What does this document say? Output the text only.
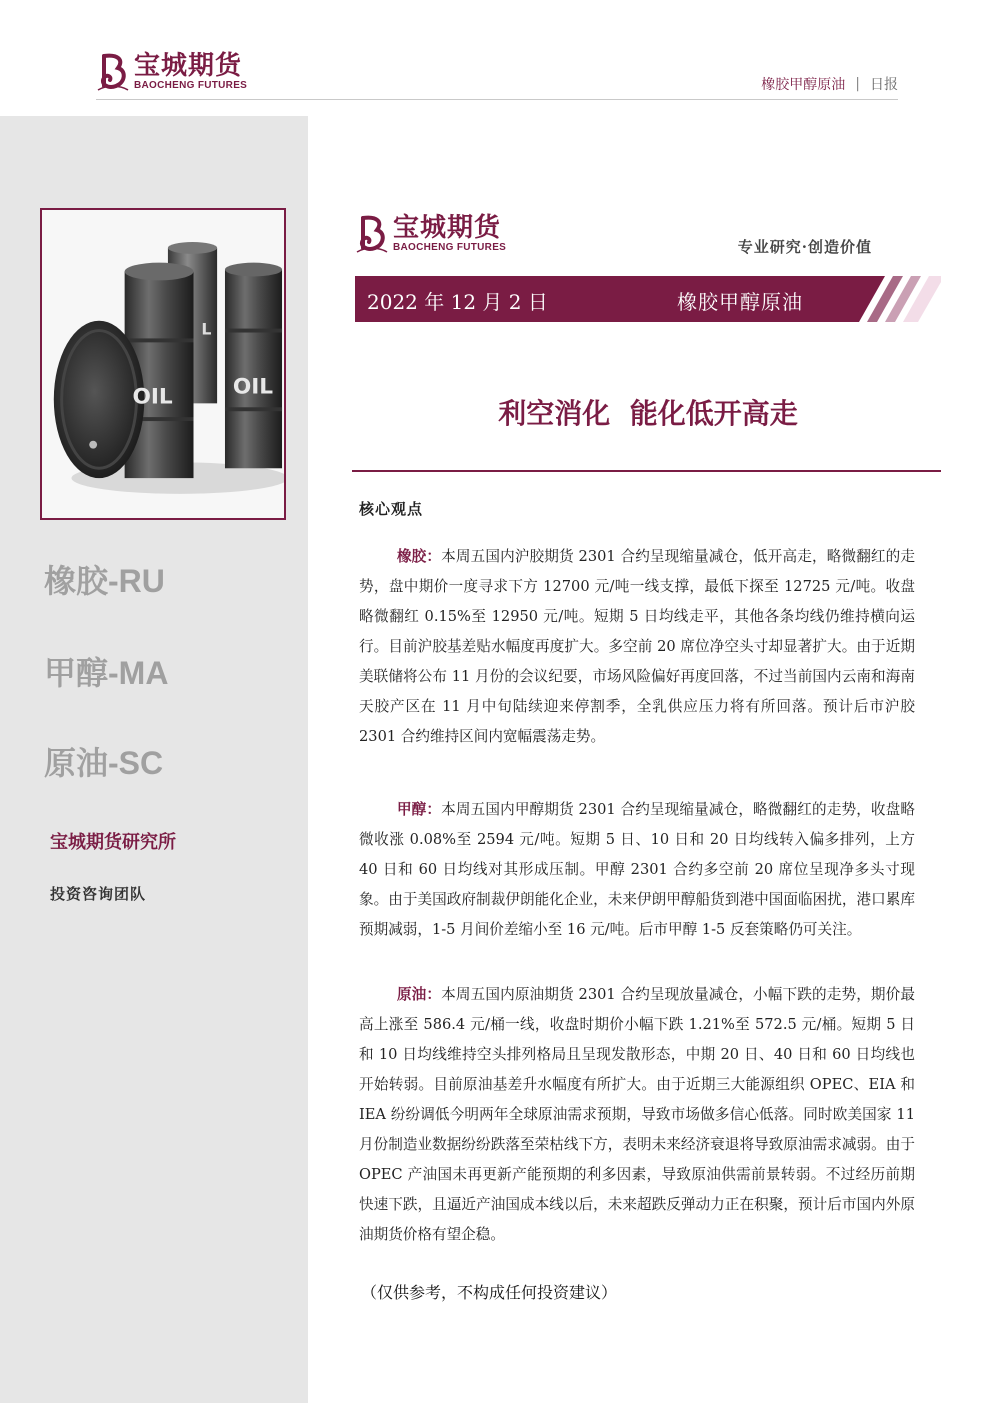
宝城期货
BAOCHENG FUTURES	橡胶甲醇原油 | 日报
OIL	OIL
L
橡胶-RU
甲醇-MA
原油-SC
宝城期货研究所
投资咨询团队
宝城期货
BAOCHENG FUTURES	专业研究·创造价值
2022 年 12 月 2 日	橡胶甲醇原油
利空消化  能化低开高走
核心观点

橡胶：本周五国内沪胶期货 2301 合约呈现缩量减仓，低开高走，略微翻红的走势，盘中期价一度寻求下方 12700 元/吨一线支撑，最低下探至 12725 元/吨。收盘略微翻红 0.15%至 12950 元/吨。短期 5 日均线走平，其他各条均线仍维持横向运行。目前沪胶基差贴水幅度再度扩大。多空前 20 席位净空头寸却显著扩大。由于近期美联储将公布 11 月份的会议纪要，市场风险偏好再度回落，不过当前国内云南和海南天胶产区在 11 月中旬陆续迎来停割季，全乳供应压力将有所回落。预计后市沪胶 2301 合约维持区间内宽幅震荡走势。

甲醇：本周五国内甲醇期货 2301 合约呈现缩量减仓，略微翻红的走势，收盘略微收涨 0.08%至 2594 元/吨。短期 5 日、10 日和 20 日均线转入偏多排列，上方 40 日和 60 日均线对其形成压制。甲醇 2301 合约多空前 20 席位呈现净多头寸现象。由于美国政府制裁伊朗能化企业，未来伊朗甲醇船货到港中国面临困扰，港口累库预期减弱，1-5 月间价差缩小至 16 元/吨。后市甲醇 1-5 反套策略仍可关注。

原油：本周五国内原油期货 2301 合约呈现放量减仓，小幅下跌的走势，期价最高上涨至 586.4 元/桶一线，收盘时期价小幅下跌 1.21%至 572.5 元/桶。短期 5 日和 10 日均线维持空头排列格局且呈现发散形态，中期 20 日、40 日和 60 日均线也开始转弱。目前原油基差升水幅度有所扩大。由于近期三大能源组织 OPEC、EIA 和 IEA 纷纷调低今明两年全球原油需求预期，导致市场做多信心低落。同时欧美国家 11 月份制造业数据纷纷跌落至荣枯线下方，表明未来经济衰退将导致原油需求减弱。由于 OPEC 产油国未再更新产能预期的利多因素，导致原油供需前景转弱。不过经历前期快速下跌，且逼近产油国成本线以后，未来超跌反弹动力正在积聚，预计后市国内外原油期货价格有望企稳。

（仅供参考，不构成任何投资建议）
